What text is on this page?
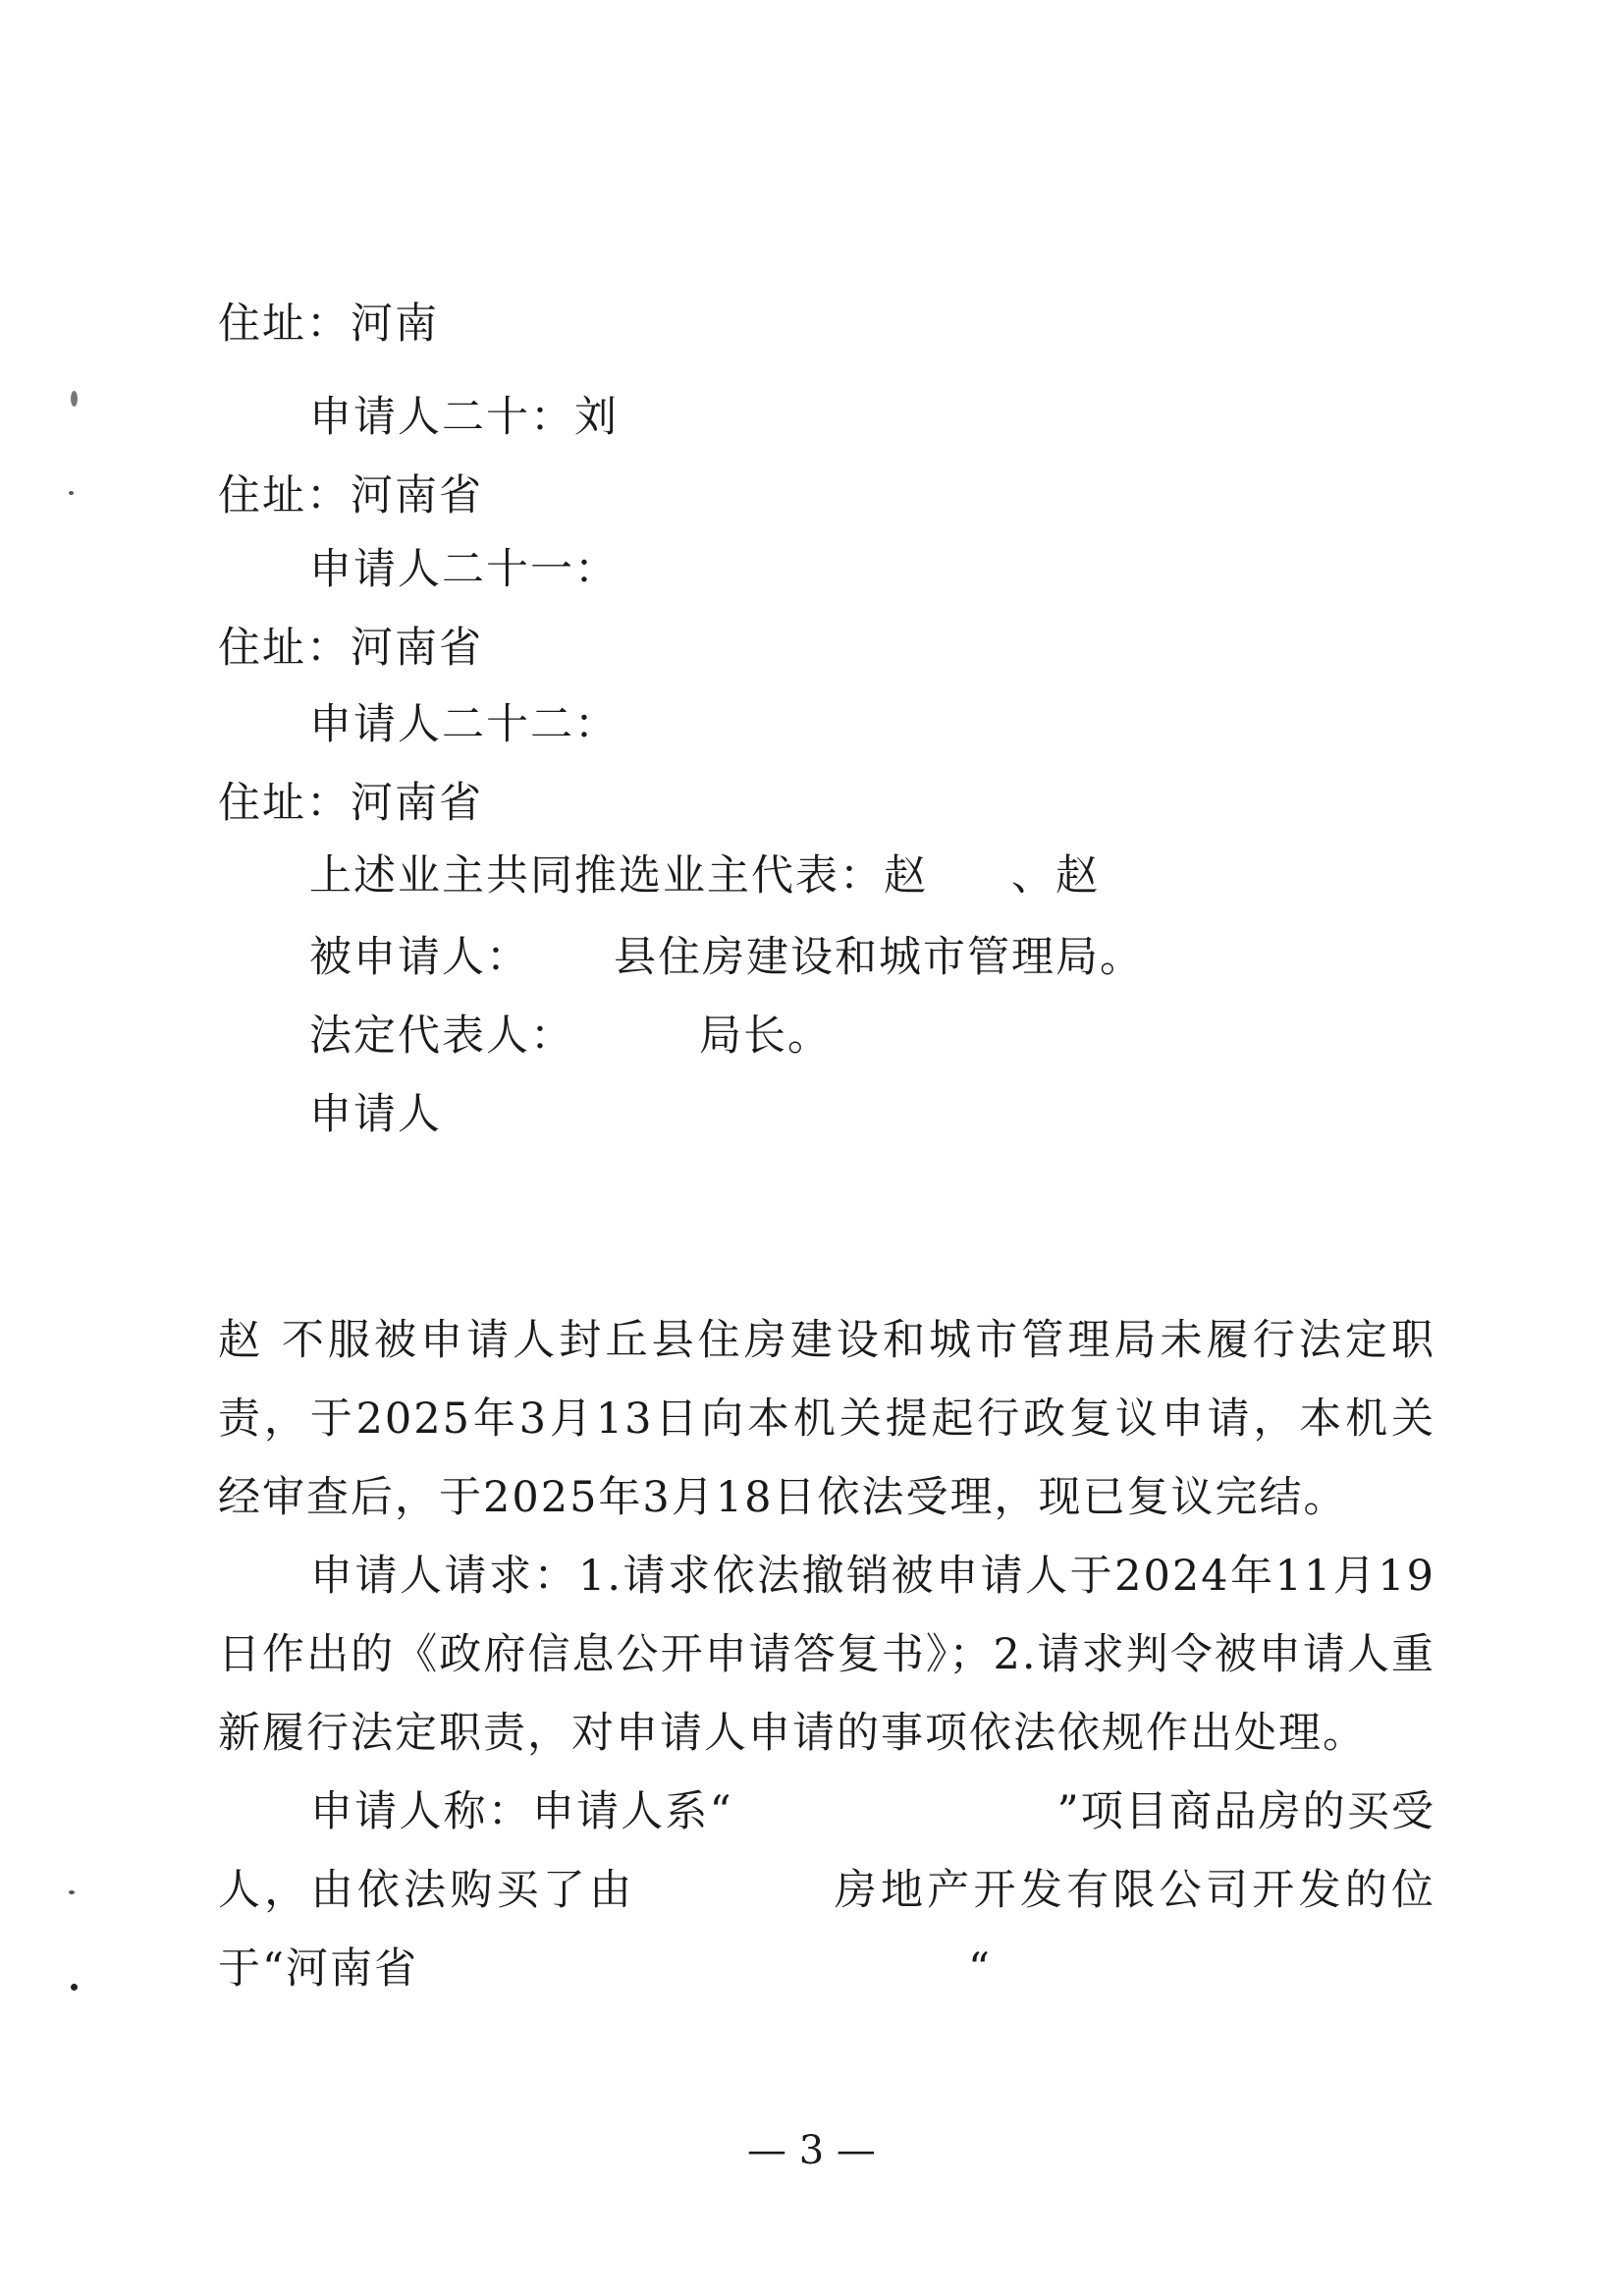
住址：河南
申请人二十：刘
住址：河南省
申请人二十一：
住址：河南省
申请人二十二：
住址：河南省
上述业主共同推选业主代表：赵 、赵
被申请人： 县住房建设和城市管理局。
法定代表人：	局长。
申请人

赵 不服被申请人封丘县住房建设和城市管理局未履行法定职责，于2025年3月13日向本机关提起行政复议申请，本机关经审查后，于2025年3月18日依法受理，现已复议完结。

申请人请求：1.请求依法撤销被申请人于2024年11月19日作出的《政府信息公开申请答复书》；2.请求判令被申请人重新履行法定职责，对申请人申请的事项依法依规作出处理。

申请人称：申请人系“	”项目商品房的买受人，由依法购买了由	房地产开发有限公司开发的位于“河南省	“

— 3 —
